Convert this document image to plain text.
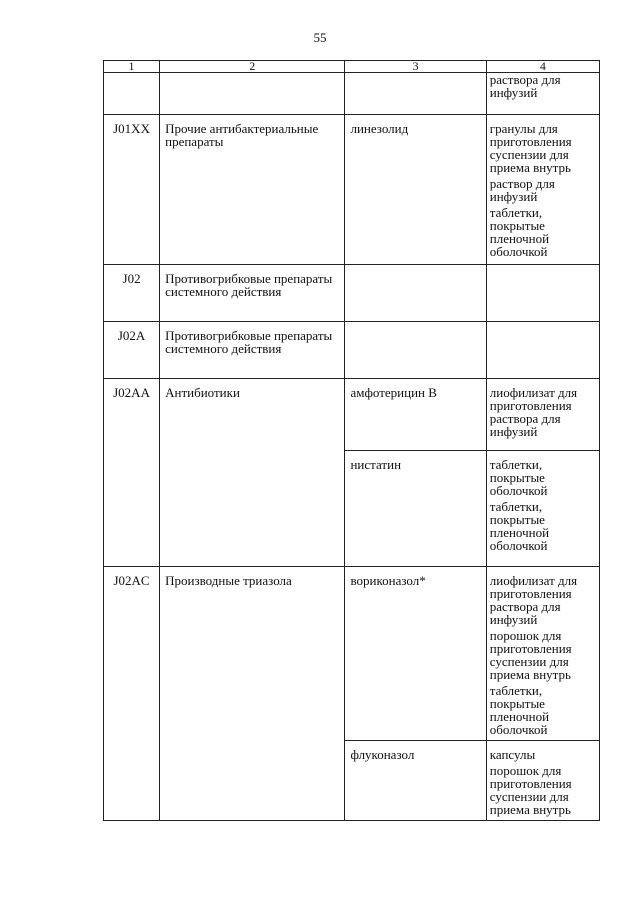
55
1	2	3	4

			раствора для инфузий

J01XX	Прочие антибактериальные препараты	линезолид	гранулы для приготовления суспензии для приема внутрь
раствор для инфузий
таблетки, покрытые пленочной оболочкой

J02	Противогрибковые препараты системного действия		
J02A	Противогрибковые препараты системного действия		
J02AA	Антибиотики	амфотерицин В	лиофилизат для приготовления раствора для инфузий

		нистатин	таблетки, покрытые оболочкой
таблетки, покрытые пленочной оболочкой

J02AC	Производные триазола	вориконазол*	лиофилизат для приготовления раствора для инфузий
порошок для приготовления суспензии для приема внутрь
таблетки, покрытые пленочной оболочкой

		флуконазол	капсулы
порошок для приготовления суспензии для приема внутрь
